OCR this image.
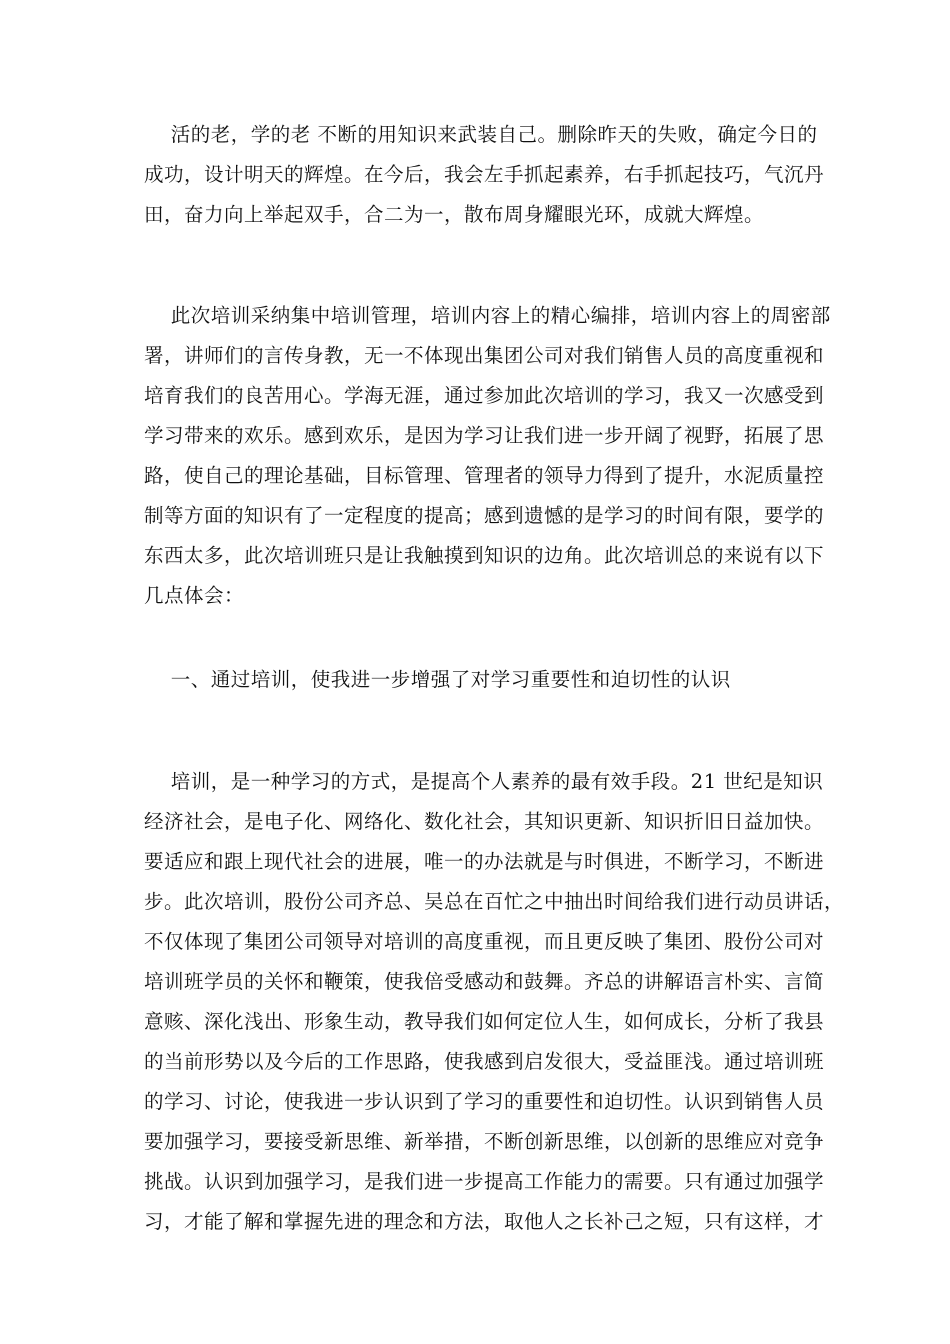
活的老，学的老 不断的用知识来武装自己。删除昨天的失败，确定今日的

成功，设计明天的辉煌。在今后，我会左手抓起素养，右手抓起技巧，气沉丹

田，奋力向上举起双手，合二为一，散布周身耀眼光环，成就大辉煌。

此次培训采纳集中培训管理，培训内容上的精心编排，培训内容上的周密部

署，讲师们的言传身教，无一不体现出集团公司对我们销售人员的高度重视和

培育我们的良苦用心。学海无涯，通过参加此次培训的学习，我又一次感受到

学习带来的欢乐。感到欢乐，是因为学习让我们进一步开阔了视野，拓展了思

路，使自己的理论基础，目标管理、管理者的领导力得到了提升，水泥质量控

制等方面的知识有了一定程度的提高；感到遗憾的是学习的时间有限，要学的

东西太多，此次培训班只是让我触摸到知识的边角。此次培训总的来说有以下

几点体会：

一、通过培训，使我进一步增强了对学习重要性和迫切性的认识

培训，是一种学习的方式，是提高个人素养的最有效手段。21 世纪是知识

经济社会，是电子化、网络化、数化社会，其知识更新、知识折旧日益加快。

要适应和跟上现代社会的进展，唯一的办法就是与时俱进，不断学习，不断进

步。此次培训，股份公司齐总、吴总在百忙之中抽出时间给我们进行动员讲话，

不仅体现了集团公司领导对培训的高度重视，而且更反映了集团、股份公司对

培训班学员的关怀和鞭策，使我倍受感动和鼓舞。齐总的讲解语言朴实、言简

意赅、深化浅出、形象生动，教导我们如何定位人生，如何成长，分析了我县

的当前形势以及今后的工作思路，使我感到启发很大，受益匪浅。通过培训班

的学习、讨论，使我进一步认识到了学习的重要性和迫切性。认识到销售人员

要加强学习，要接受新思维、新举措，不断创新思维，以创新的思维应对竞争

挑战。认识到加强学习，是我们进一步提高工作能力的需要。只有通过加强学

习，才能了解和掌握先进的理念和方法，取他人之长补己之短，只有这样，才
